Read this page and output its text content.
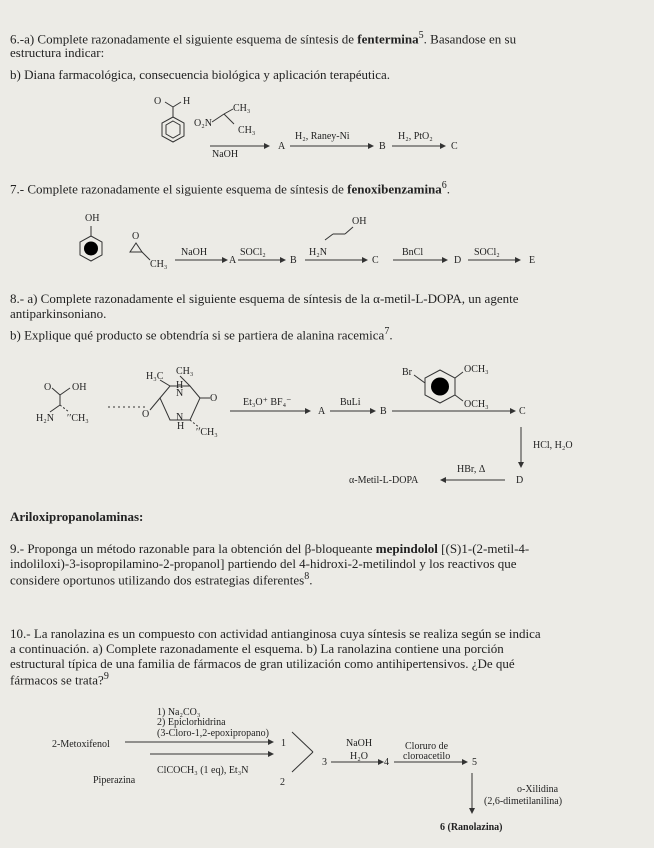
6.-a) Complete razonadamente el siguiente esquema de síntesis de fentermina$^5$. Basandose en su
estructura indicar:
b) Diana farmacológica, consecuencia biológica y aplicación terapéutica.
O H
CH₃
O₂N
CH₃
NaOH
A
H₂, Raney-Ni
B
H₂, PtO₂
C
7.- Complete razonadamente el siguiente esquema de síntesis de fenoxibenzamina$^6$.
OH
O
CH₃
NaOH
A
SOCl₂
B
OH
H₂N
C
BnCl
D
SOCl₂
E
8.- a) Complete razonadamente el siguiente esquema de síntesis de la α-metil-L-DOPA, un agente
antiparkinsoniano.
b) Explique qué producto se obtendría si se partiera de alanina racemica$^7$.
O OH
H₂N ′′CH₃
H₃C CH₃
N
H
O
O	N
H
′′CH₃
Et₃O⁺ BF₄⁻
A
BuLi
B
Br	OCH₃
OCH₃
C
HCl, H₂O
HBr, Δ
α-Metil-L-DOPA	D
Ariloxipropanolaminas:
9.- Proponga un método razonable para la obtención del β-bloqueante mepindolol [(S)1-(2-metil-4-
indoliloxi)-3-isopropilamino-2-propanol] partiendo del 4-hidroxi-2-metilindol y los reactivos que
considere oportunos utilizando dos estrategias diferentes$^8$.
10.- La ranolazina es un compuesto con actividad antianginosa cuya síntesis se realiza según se indica
a continuación. a) Complete razonadamente el esquema. b) La ranolazina contiene una porción
estructural típica de una familia de fármacos de gran utilización como antihipertensivos. ¿De qué
fármacos se trata?$^9$
1) Na₂CO₃
2) Epiclorhidrina
(3-Cloro-1,2-epoxipropano)
2-Metoxifenol	1
Piperazina
ClCOCH₃ (1 eq), Et₃N
2
NaOH
H₂O
3	4
Cloruro de
cloroacetilo
5
o-Xilidina
(2,6-dimetilanilina)
6 (Ranolazina)
